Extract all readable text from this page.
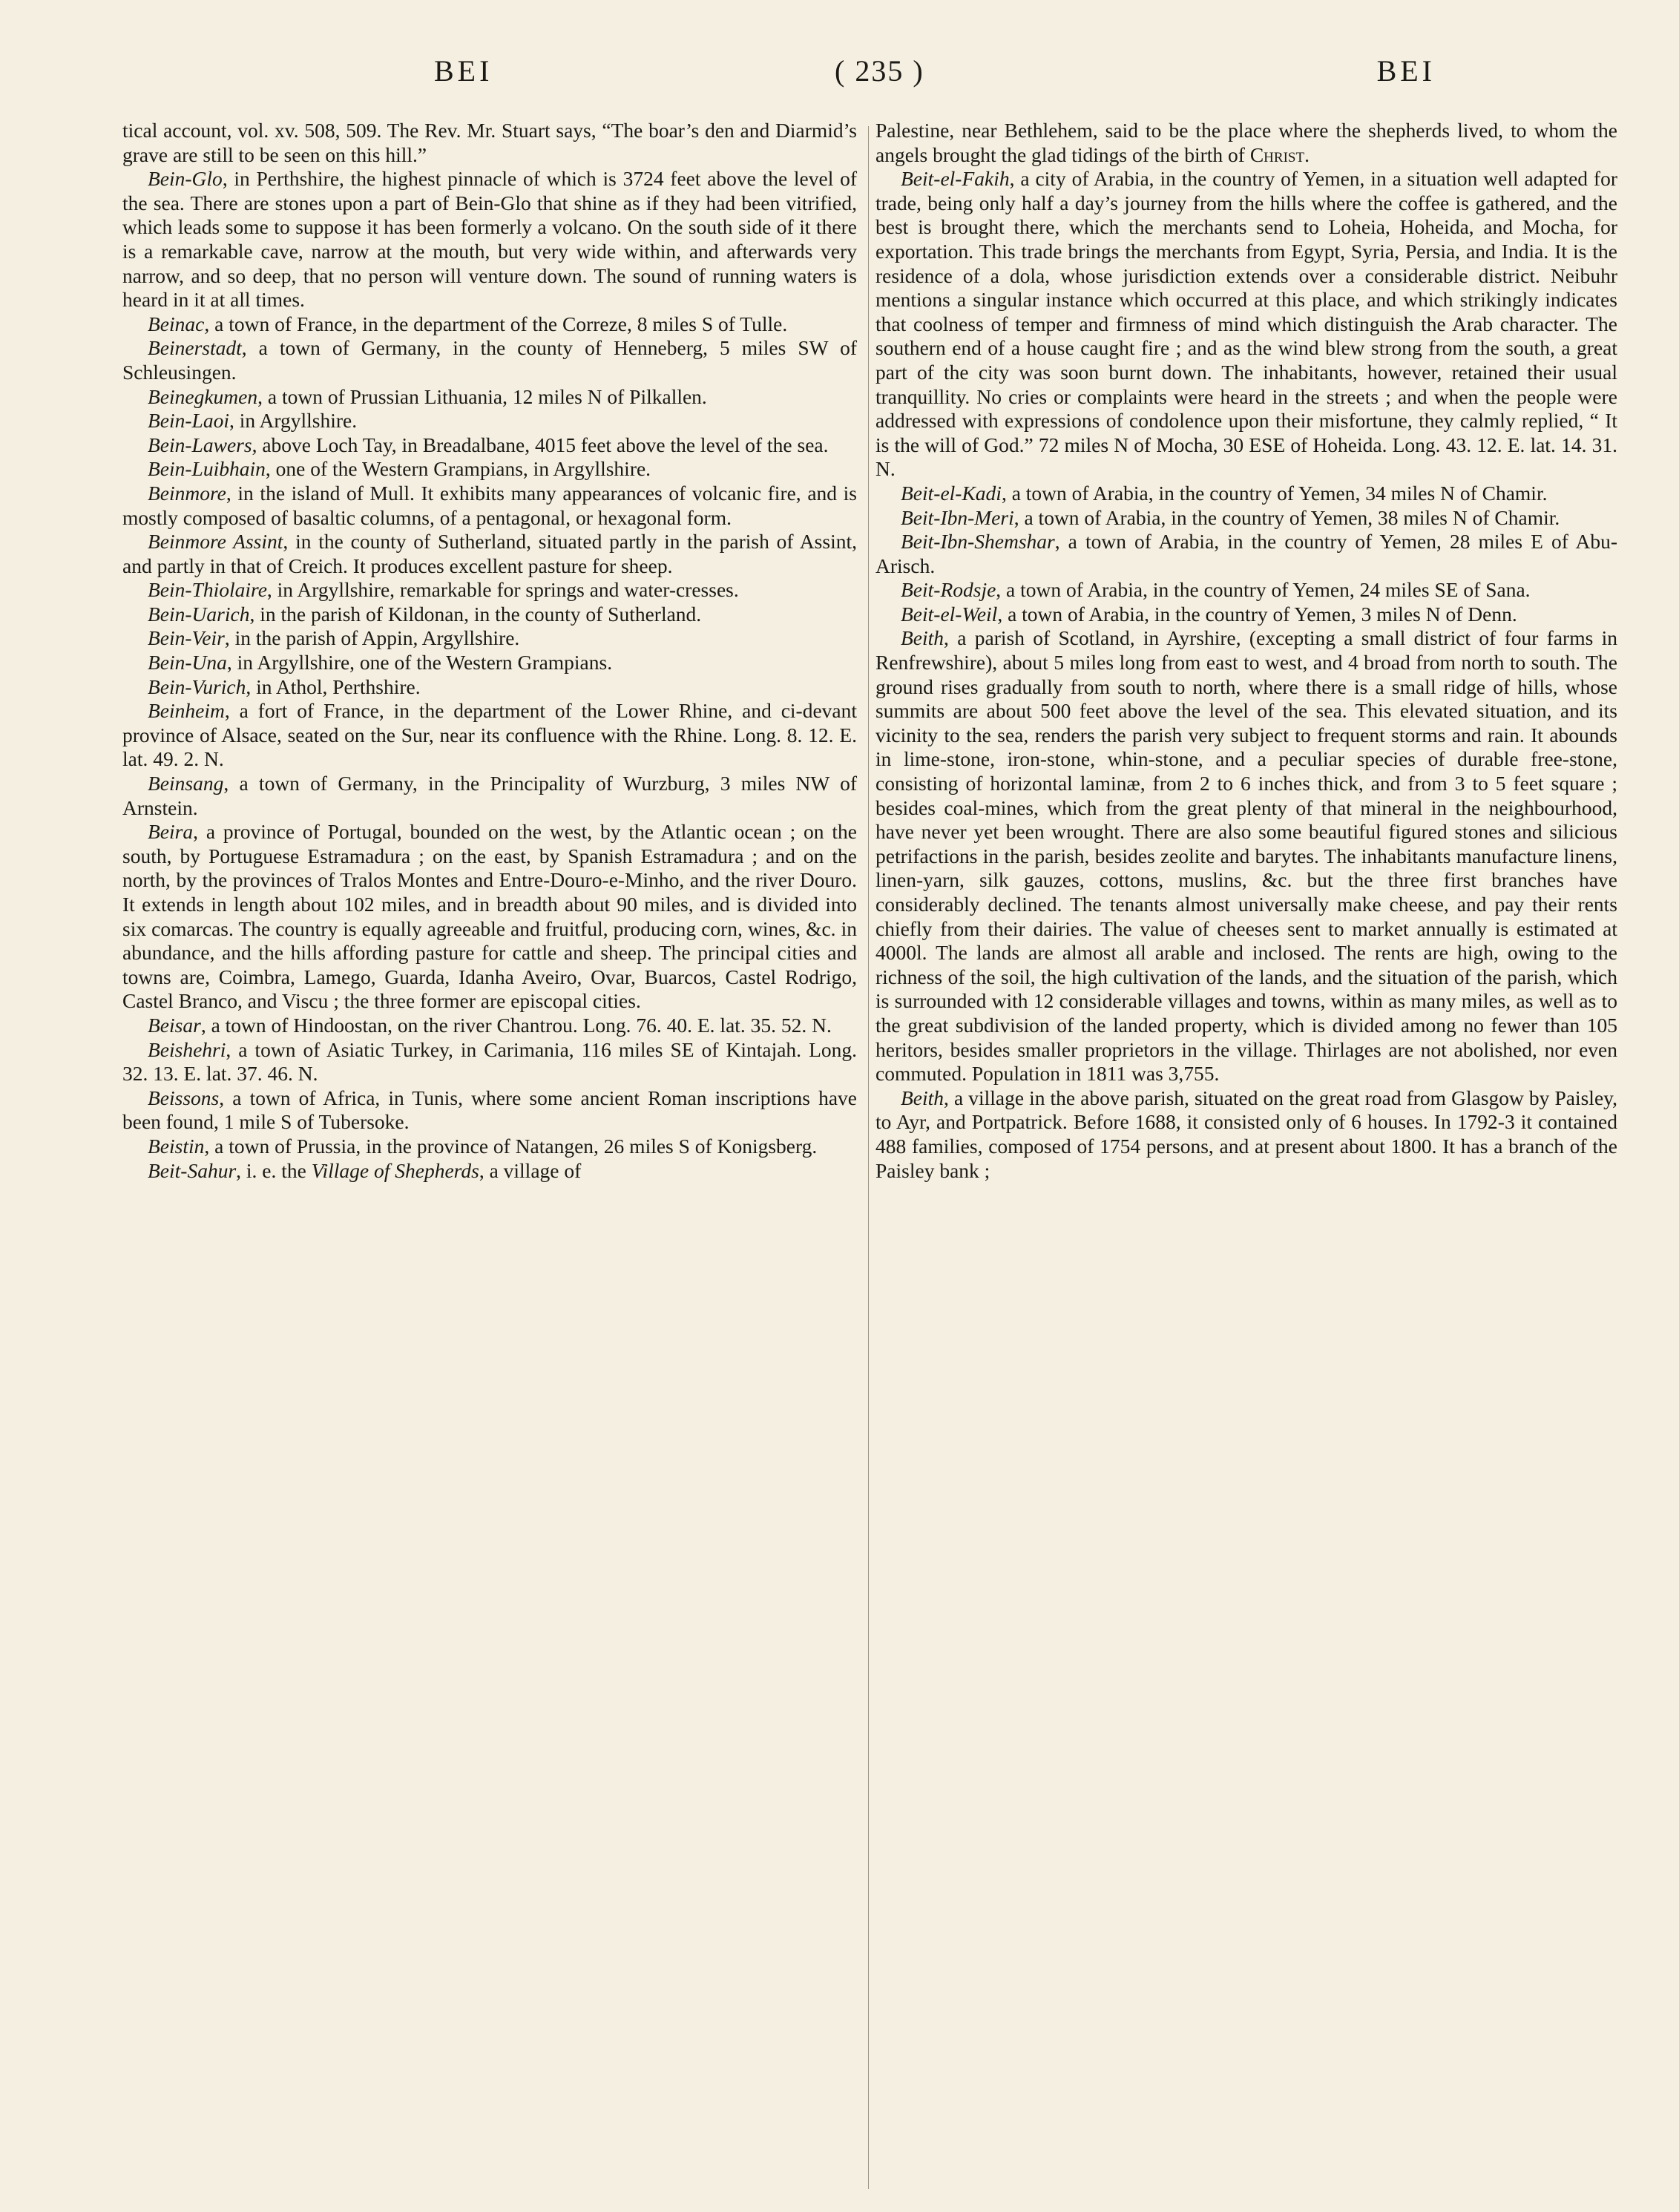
BEI	( 235 )	BEI

tical account, vol. xv. 508, 509. The Rev. Mr. Stuart says, “The boar’s den and Diarmid’s grave are still to be seen on this hill.”

Bein-Glo, in Perthshire, the highest pinnacle of which is 3724 feet above the level of the sea. There are stones upon a part of Bein-Glo that shine as if they had been vitrified, which leads some to suppose it has been formerly a volcano. On the south side of it there is a remarkable cave, narrow at the mouth, but very wide within, and afterwards very narrow, and so deep, that no person will venture down. The sound of running waters is heard in it at all times.

Beinac, a town of France, in the department of the Correze, 8 miles S of Tulle.

Beinerstadt, a town of Germany, in the county of Henneberg, 5 miles SW of Schleusingen.

Beinegkumen, a town of Prussian Lithuania, 12 miles N of Pilkallen.

Bein-Laoi, in Argyllshire.

Bein-Lawers, above Loch Tay, in Breadalbane, 4015 feet above the level of the sea.

Bein-Luibhain, one of the Western Grampians, in Argyllshire.

Beinmore, in the island of Mull. It exhibits many appearances of volcanic fire, and is mostly composed of basaltic columns, of a pentagonal, or hexagonal form.

Beinmore Assint, in the county of Sutherland, situated partly in the parish of Assint, and partly in that of Creich. It produces excellent pasture for sheep.

Bein-Thiolaire, in Argyllshire, remarkable for springs and water-cresses.

Bein-Uarich, in the parish of Kildonan, in the county of Sutherland.

Bein-Veir, in the parish of Appin, Argyllshire.

Bein-Una, in Argyllshire, one of the Western Grampians.

Bein-Vurich, in Athol, Perthshire.

Beinheim, a fort of France, in the department of the Lower Rhine, and ci-devant province of Alsace, seated on the Sur, near its confluence with the Rhine. Long. 8. 12. E. lat. 49. 2. N.

Beinsang, a town of Germany, in the Principality of Wurzburg, 3 miles NW of Arnstein.

Beira, a province of Portugal, bounded on the west, by the Atlantic ocean ; on the south, by Portuguese Estramadura ; on the east, by Spanish Estramadura ; and on the north, by the provinces of Tralos Montes and Entre-Douro-e-Minho, and the river Douro. It extends in length about 102 miles, and in breadth about 90 miles, and is divided into six comarcas. The country is equally agreeable and fruitful, producing corn, wines, &c. in abundance, and the hills affording pasture for cattle and sheep. The principal cities and towns are, Coimbra, Lamego, Guarda, Idanha Aveiro, Ovar, Buarcos, Castel Rodrigo, Castel Branco, and Viscu ; the three former are episcopal cities.

Beisar, a town of Hindoostan, on the river Chantrou. Long. 76. 40. E. lat. 35. 52. N.

Beishehri, a town of Asiatic Turkey, in Carimania, 116 miles SE of Kintajah. Long. 32. 13. E. lat. 37. 46. N.

Beissons, a town of Africa, in Tunis, where some ancient Roman inscriptions have been found, 1 mile S of Tubersoke.

Beistin, a town of Prussia, in the province of Natangen, 26 miles S of Konigsberg.

Beit-Sahur, i. e. the Village of Shepherds, a village of

Palestine, near Bethlehem, said to be the place where the shepherds lived, to whom the angels brought the glad tidings of the birth of Christ.

Beit-el-Fakih, a city of Arabia, in the country of Yemen, in a situation well adapted for trade, being only half a day’s journey from the hills where the coffee is gathered, and the best is brought there, which the merchants send to Loheia, Hoheida, and Mocha, for exportation. This trade brings the merchants from Egypt, Syria, Persia, and India. It is the residence of a dola, whose jurisdiction extends over a considerable district. Neibuhr mentions a singular instance which occurred at this place, and which strikingly indicates that coolness of temper and firmness of mind which distinguish the Arab character. The southern end of a house caught fire ; and as the wind blew strong from the south, a great part of the city was soon burnt down. The inhabitants, however, retained their usual tranquillity. No cries or complaints were heard in the streets ; and when the people were addressed with expressions of condolence upon their misfortune, they calmly replied, “ It is the will of God.” 72 miles N of Mocha, 30 ESE of Hoheida. Long. 43. 12. E. lat. 14. 31. N.

Beit-el-Kadi, a town of Arabia, in the country of Yemen, 34 miles N of Chamir.

Beit-Ibn-Meri, a town of Arabia, in the country of Yemen, 38 miles N of Chamir.

Beit-Ibn-Shemshar, a town of Arabia, in the country of Yemen, 28 miles E of Abu-Arisch.

Beit-Rodsje, a town of Arabia, in the country of Yemen, 24 miles SE of Sana.

Beit-el-Weil, a town of Arabia, in the country of Yemen, 3 miles N of Denn.

Beith, a parish of Scotland, in Ayrshire, (excepting a small district of four farms in Renfrewshire), about 5 miles long from east to west, and 4 broad from north to south. The ground rises gradually from south to north, where there is a small ridge of hills, whose summits are about 500 feet above the level of the sea. This elevated situation, and its vicinity to the sea, renders the parish very subject to frequent storms and rain. It abounds in lime-stone, iron-stone, whin-stone, and a peculiar species of durable free-stone, consisting of horizontal laminæ, from 2 to 6 inches thick, and from 3 to 5 feet square ; besides coal-mines, which from the great plenty of that mineral in the neighbourhood, have never yet been wrought. There are also some beautiful figured stones and silicious petrifactions in the parish, besides zeolite and barytes. The inhabitants manufacture linens, linen-yarn, silk gauzes, cottons, muslins, &c. but the three first branches have considerably declined. The tenants almost universally make cheese, and pay their rents chiefly from their dairies. The value of cheeses sent to market annually is estimated at 4000l. The lands are almost all arable and inclosed. The rents are high, owing to the richness of the soil, the high cultivation of the lands, and the situation of the parish, which is surrounded with 12 considerable villages and towns, within as many miles, as well as to the great subdivision of the landed property, which is divided among no fewer than 105 heritors, besides smaller proprietors in the village. Thirlages are not abolished, nor even commuted. Population in 1811 was 3,755.

Beith, a village in the above parish, situated on the great road from Glasgow by Paisley, to Ayr, and Portpatrick. Before 1688, it consisted only of 6 houses. In 1792-3 it contained 488 families, composed of 1754 persons, and at present about 1800. It has a branch of the Paisley bank ;
